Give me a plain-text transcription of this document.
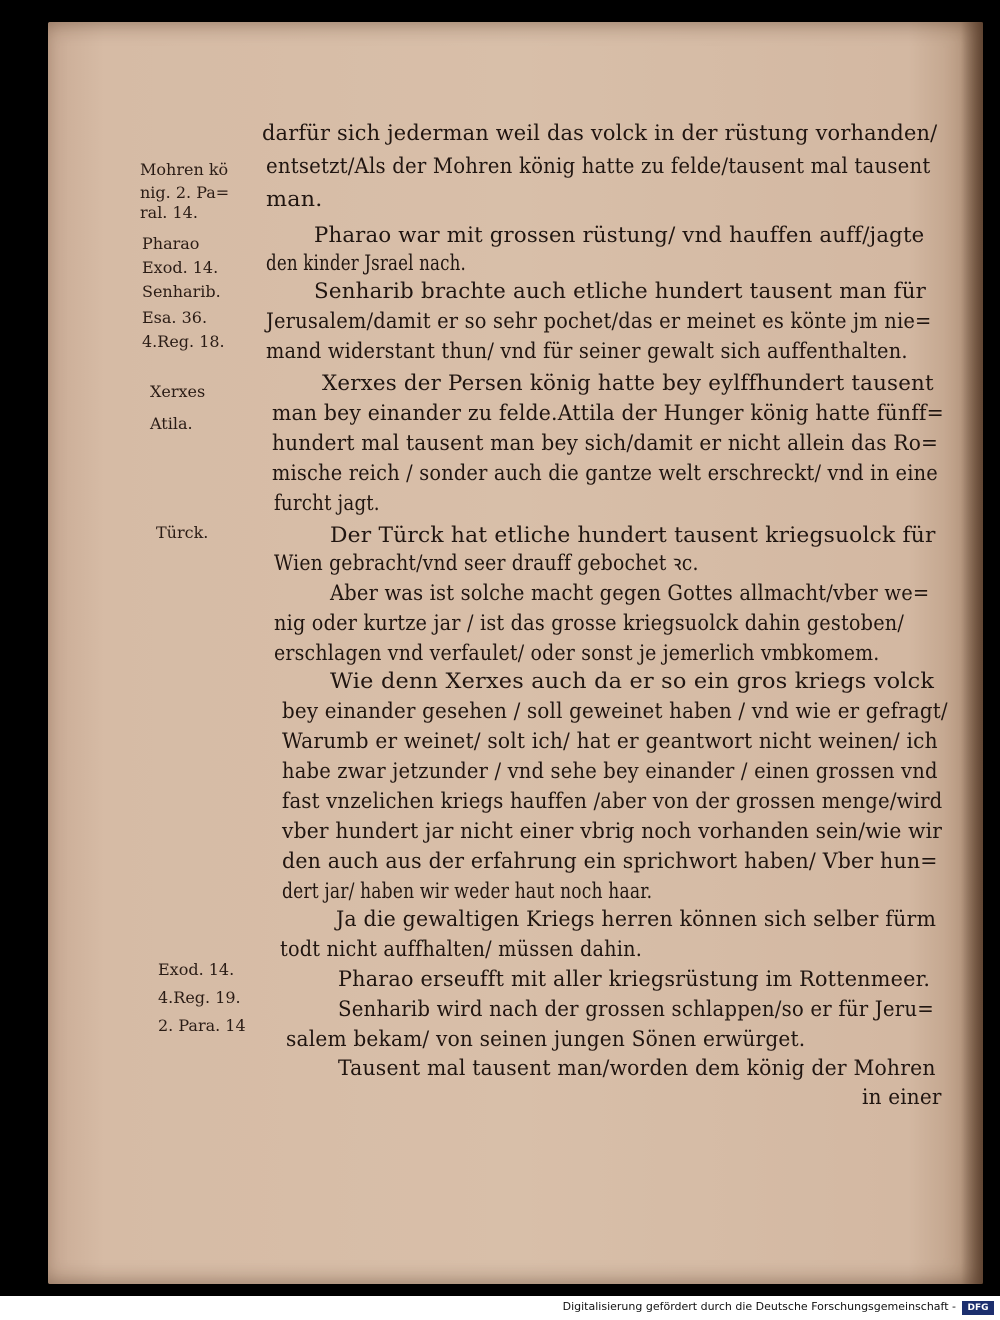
darfür sich jederman weil das volck in der rüstung vorhanden/
entsetzt/Als der Mohren könig hatte zu felde/tausent mal tausent
man.
Pharao war mit grossen rüstung/ vnd hauffen auff/jagte
den kinder Jsrael nach.
Senharib brachte auch etliche hundert tausent man für
Jerusalem/damit er so sehr pochet/das er meinet es könte jm nie=
mand widerstant thun/ vnd für seiner gewalt sich auffenthalten.
Xerxes der Persen könig hatte bey eylffhundert tausent
man bey einander zu felde.Attila der Hunger könig hatte fünff=
hundert mal tausent man bey sich/damit er nicht allein das Ro=
mische reich / sonder auch die gantze welt erschreckt/ vnd in eine
furcht jagt.
Der Türck hat etliche hundert tausent kriegsuolck für
Wien gebracht/vnd seer drauff gebochet ꝛc.
Aber was ist solche macht gegen Gottes allmacht/vber we=
nig oder kurtze jar / ist das grosse kriegsuolck dahin gestoben/
erschlagen vnd verfaulet/ oder sonst je jemerlich vmbkomem.
Wie denn Xerxes auch da er so ein gros kriegs volck
bey einander gesehen / soll geweinet haben / vnd wie er gefragt/
Warumb er weinet/ solt ich/ hat er geantwort nicht weinen/ ich
habe zwar jetzunder / vnd sehe bey einander / einen grossen vnd
fast vnzelichen kriegs hauffen /aber von der grossen menge/wird
vber hundert jar nicht einer vbrig noch vorhanden sein/wie wir
den auch aus der erfahrung ein sprichwort haben/ Vber hun=
dert jar/ haben wir weder haut noch haar.
Ja die gewaltigen Kriegs herren können sich selber fürm
todt nicht auffhalten/ müssen dahin.
Pharao erseufft mit aller kriegsrüstung im Rottenmeer.
Senharib wird nach der grossen schlappen/so er für Jeru=
salem bekam/ von seinen jungen Sönen erwürget.
Tausent mal tausent man/worden dem könig der Mohren
in einer
Mohren kö
nig. 2. Pa=
ral. 14.
Pharao
Exod. 14.
Senharib.
Esa. 36.
4.Reg. 18.
Xerxes
Atila.
Türck.
Exod. 14.
4.Reg. 19.
2. Para. 14
Digitalisierung gefördert durch die Deutsche Forschungsgemeinschaft -	DFG
